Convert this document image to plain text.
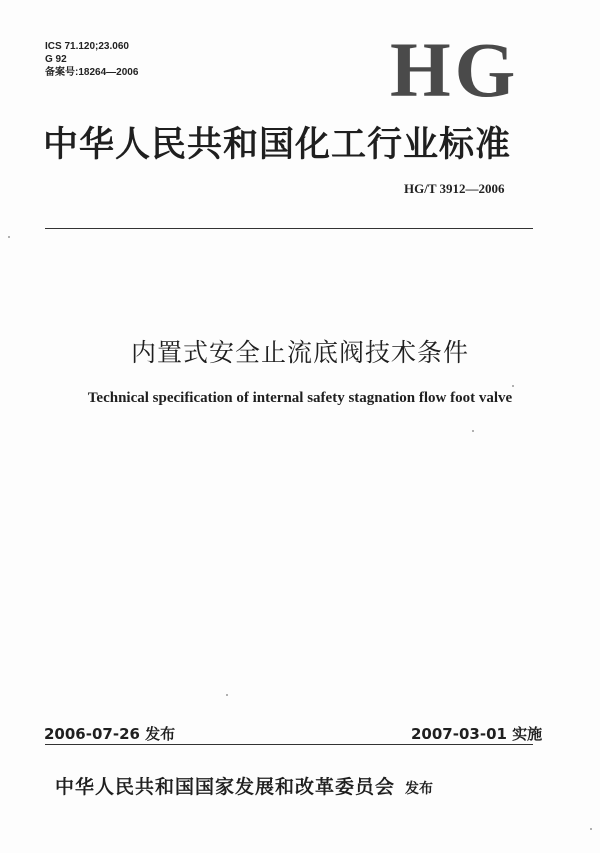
ICS 71.120;23.060
G 92
备案号:18264—2006	HG
中华人民共和国化工行业标准
HG/T 3912—2006
内置式安全止流底阀技术条件
Technical specification of internal safety stagnation flow foot valve
2006-07-26 发布	2007-03-01 实施
中华人民共和国国家发展和改革委员会 发布
